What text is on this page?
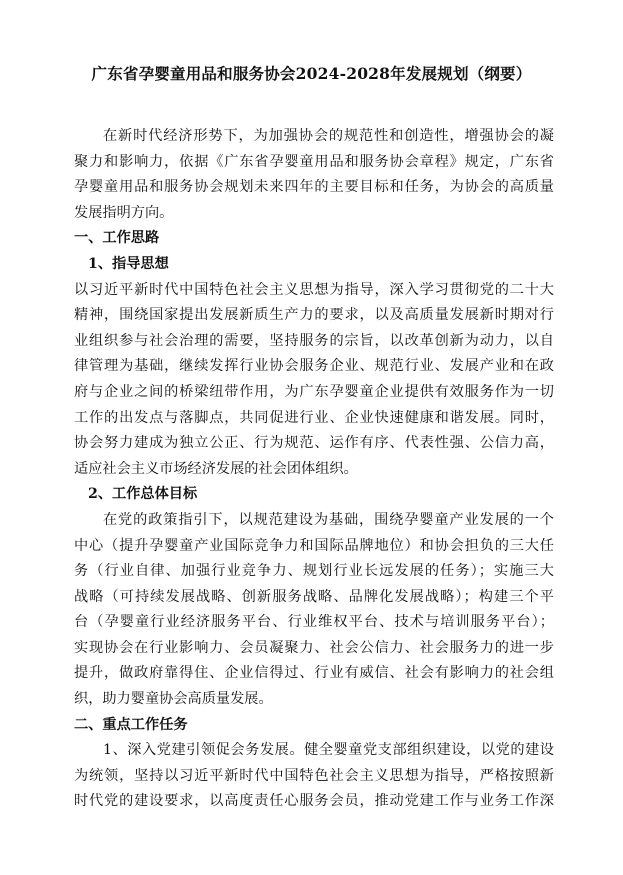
广东省孕婴童用品和服务协会2024-2028年发展规划（纲要）
在新时代经济形势下，为加强协会的规范性和创造性，增强协会的凝
聚力和影响力，依据《广东省孕婴童用品和服务协会章程》规定，广东省
孕婴童用品和服务协会规划未来四年的主要目标和任务，为协会的高质量
发展指明方向。
一、工作思路
1、指导思想
以习近平新时代中国特色社会主义思想为指导，深入学习贯彻党的二十大
精神，围绕国家提出发展新质生产力的要求，以及高质量发展新时期对行
业组织参与社会治理的需要，坚持服务的宗旨，以改革创新为动力，以自
律管理为基础，继续发挥行业协会服务企业、规范行业、发展产业和在政
府与企业之间的桥梁纽带作用，为广东孕婴童企业提供有效服务作为一切
工作的出发点与落脚点，共同促进行业、企业快速健康和谐发展。同时，
协会努力建成为独立公正、行为规范、运作有序、代表性强、公信力高，
适应社会主义市场经济发展的社会团体组织。
2、工作总体目标
在党的政策指引下，以规范建设为基础，围绕孕婴童产业发展的一个
中心（提升孕婴童产业国际竞争力和国际品牌地位）和协会担负的三大任
务（行业自律、加强行业竞争力、规划行业长远发展的任务）；实施三大
战略（可持续发展战略、创新服务战略、品牌化发展战略）；构建三个平
台（孕婴童行业经济服务平台、行业维权平台、技术与培训服务平台）；
实现协会在行业影响力、会员凝聚力、社会公信力、社会服务力的进一步
提升，做政府靠得住、企业信得过、行业有威信、社会有影响力的社会组
织，助力婴童协会高质量发展。
二、重点工作任务
1、深入党建引领促会务发展。健全婴童党支部组织建设，以党的建设
为统领，坚持以习近平新时代中国特色社会主义思想为指导，严格按照新
时代党的建设要求，以高度责任心服务会员，推动党建工作与业务工作深
